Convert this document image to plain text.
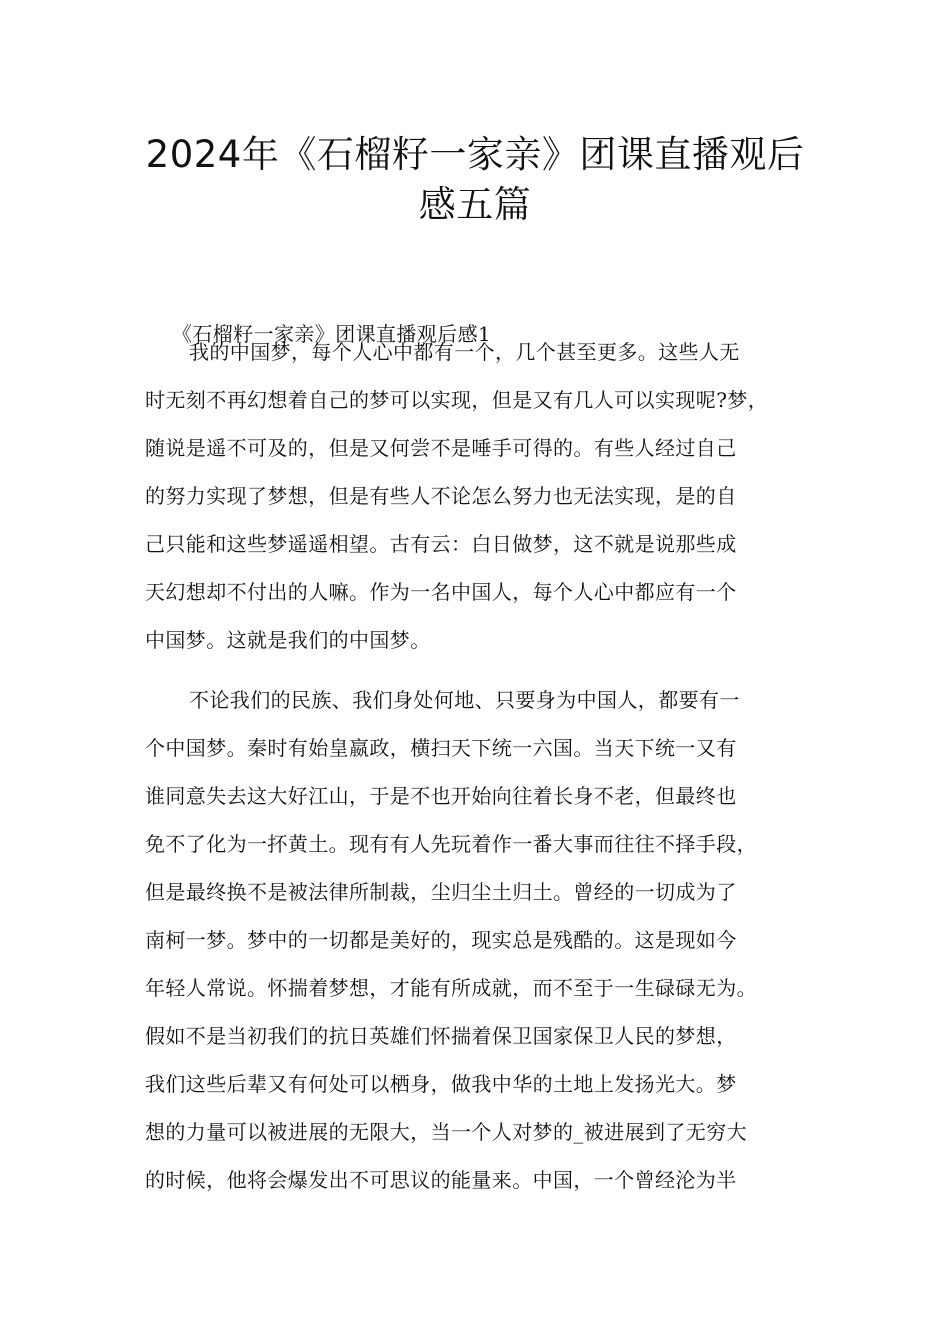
2024年《石榴籽一家亲》团课直播观后
感五篇
《石榴籽一家亲》团课直播观后感1
我的中国梦，每个人心中都有一个，几个甚至更多。这些人无
时无刻不再幻想着自己的梦可以实现，但是又有几人可以实现呢?梦，
随说是遥不可及的，但是又何尝不是唾手可得的。有些人经过自己
的努力实现了梦想，但是有些人不论怎么努力也无法实现，是的自
己只能和这些梦遥遥相望。古有云：白日做梦，这不就是说那些成
天幻想却不付出的人嘛。作为一名中国人，每个人心中都应有一个
中国梦。这就是我们的中国梦。
不论我们的民族、我们身处何地、只要身为中国人，都要有一
个中国梦。秦时有始皇嬴政，横扫天下统一六国。当天下统一又有
谁同意失去这大好江山，于是不也开始向往着长身不老，但最终也
免不了化为一抔黄土。现有有人先玩着作一番大事而往往不择手段，
但是最终换不是被法律所制裁，尘归尘土归土。曾经的一切成为了
南柯一梦。梦中的一切都是美好的，现实总是残酷的。这是现如今
年轻人常说。怀揣着梦想，才能有所成就，而不至于一生碌碌无为。
假如不是当初我们的抗日英雄们怀揣着保卫国家保卫人民的梦想，
我们这些后辈又有何处可以栖身，做我中华的土地上发扬光大。梦
想的力量可以被进展的无限大，当一个人对梦的_被进展到了无穷大
的时候，他将会爆发出不可思议的能量来。中国，一个曾经沦为半
